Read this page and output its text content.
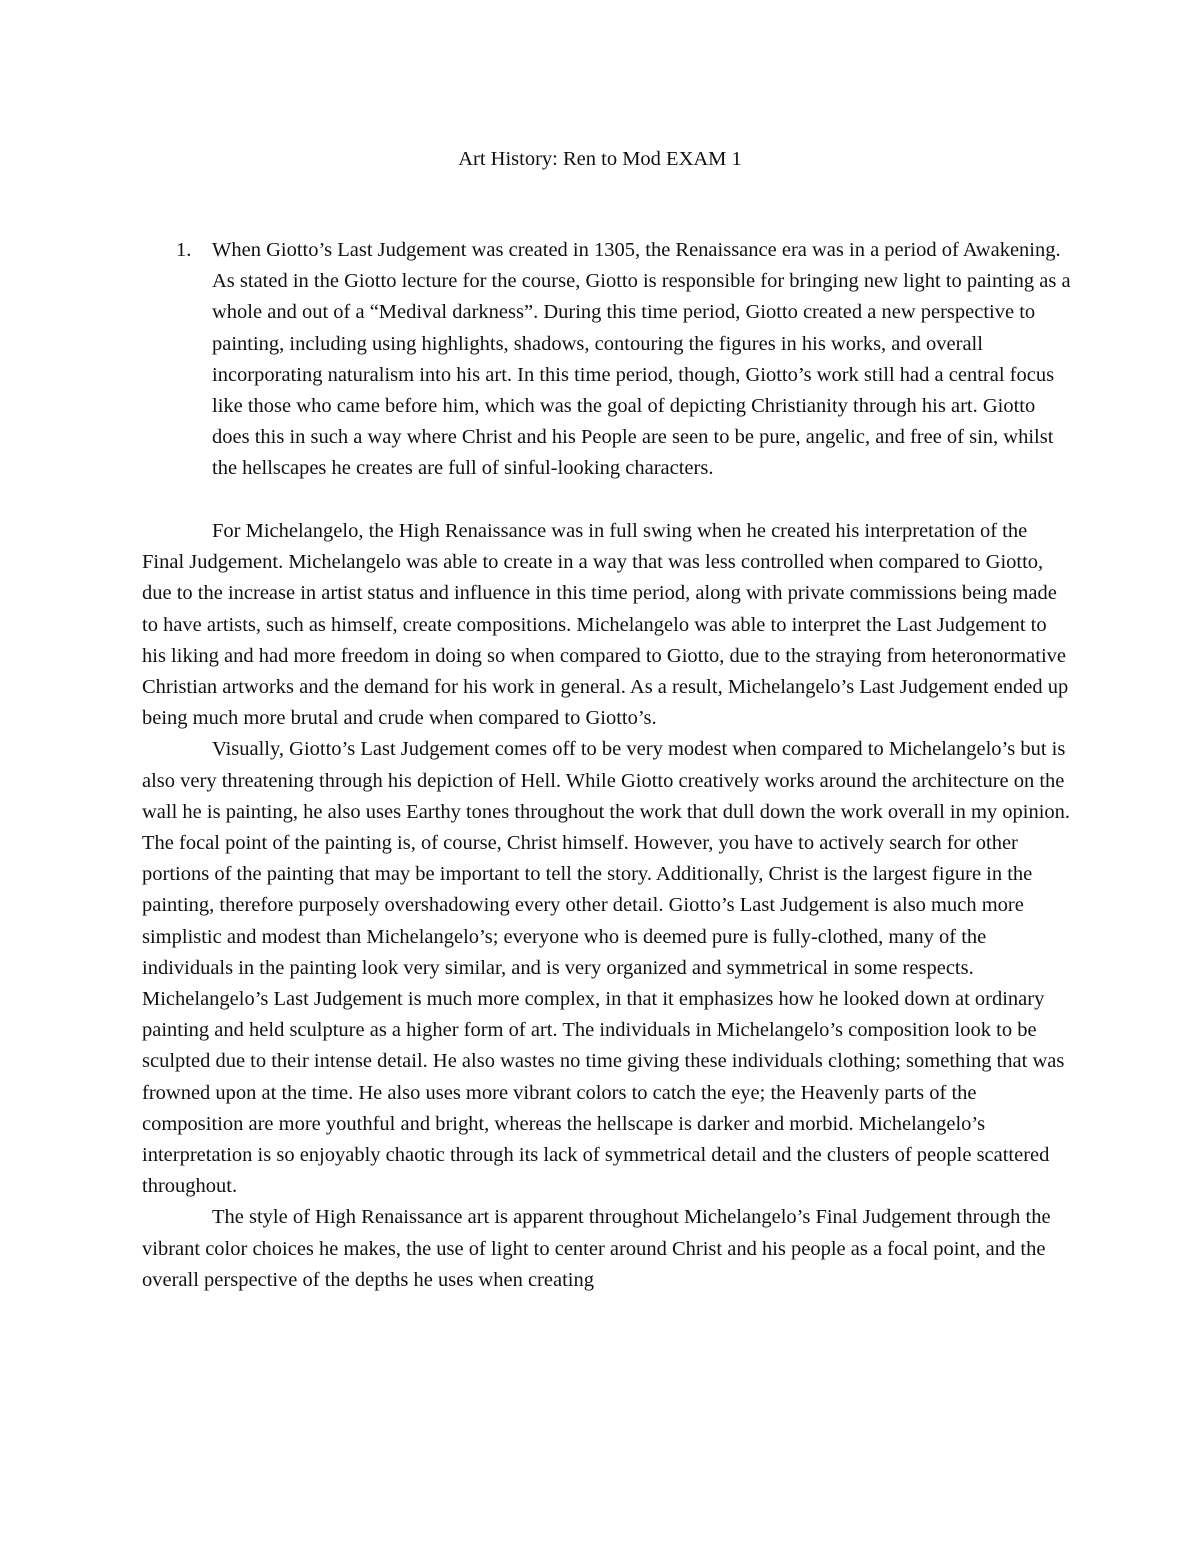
Art History: Ren to Mod EXAM 1
1. When Giotto’s Last Judgement was created in 1305, the Renaissance era was in a period of Awakening. As stated in the Giotto lecture for the course, Giotto is responsible for bringing new light to painting as a whole and out of a “Medival darkness”. During this time period, Giotto created a new perspective to painting, including using highlights, shadows, contouring the figures in his works, and overall incorporating naturalism into his art. In this time period, though, Giotto’s work still had a central focus like those who came before him, which was the goal of depicting Christianity through his art. Giotto does this in such a way where Christ and his People are seen to be pure, angelic, and free of sin, whilst the hellscapes he creates are full of sinful-looking characters.

For Michelangelo, the High Renaissance was in full swing when he created his interpretation of the Final Judgement. Michelangelo was able to create in a way that was less controlled when compared to Giotto, due to the increase in artist status and influence in this time period, along with private commissions being made to have artists, such as himself, create compositions. Michelangelo was able to interpret the Last Judgement to his liking and had more freedom in doing so when compared to Giotto, due to the straying from heteronormative Christian artworks and the demand for his work in general. As a result, Michelangelo’s Last Judgement ended up being much more brutal and crude when compared to Giotto’s.

Visually, Giotto’s Last Judgement comes off to be very modest when compared to Michelangelo’s but is also very threatening through his depiction of Hell. While Giotto creatively works around the architecture on the wall he is painting, he also uses Earthy tones throughout the work that dull down the work overall in my opinion. The focal point of the painting is, of course, Christ himself. However, you have to actively search for other portions of the painting that may be important to tell the story. Additionally, Christ is the largest figure in the painting, therefore purposely overshadowing every other detail. Giotto’s Last Judgement is also much more simplistic and modest than Michelangelo’s; everyone who is deemed pure is fully-clothed, many of the individuals in the painting look very similar, and is very organized and symmetrical in some respects. Michelangelo’s Last Judgement is much more complex, in that it emphasizes how he looked down at ordinary painting and held sculpture as a higher form of art. The individuals in Michelangelo’s composition look to be sculpted due to their intense detail. He also wastes no time giving these individuals clothing; something that was frowned upon at the time. He also uses more vibrant colors to catch the eye; the Heavenly parts of the composition are more youthful and bright, whereas the hellscape is darker and morbid. Michelangelo’s interpretation is so enjoyably chaotic through its lack of symmetrical detail and the clusters of people scattered throughout.

The style of High Renaissance art is apparent throughout Michelangelo’s Final Judgement through the vibrant color choices he makes, the use of light to center around Christ and his people as a focal point, and the overall perspective of the depths he uses when creating
